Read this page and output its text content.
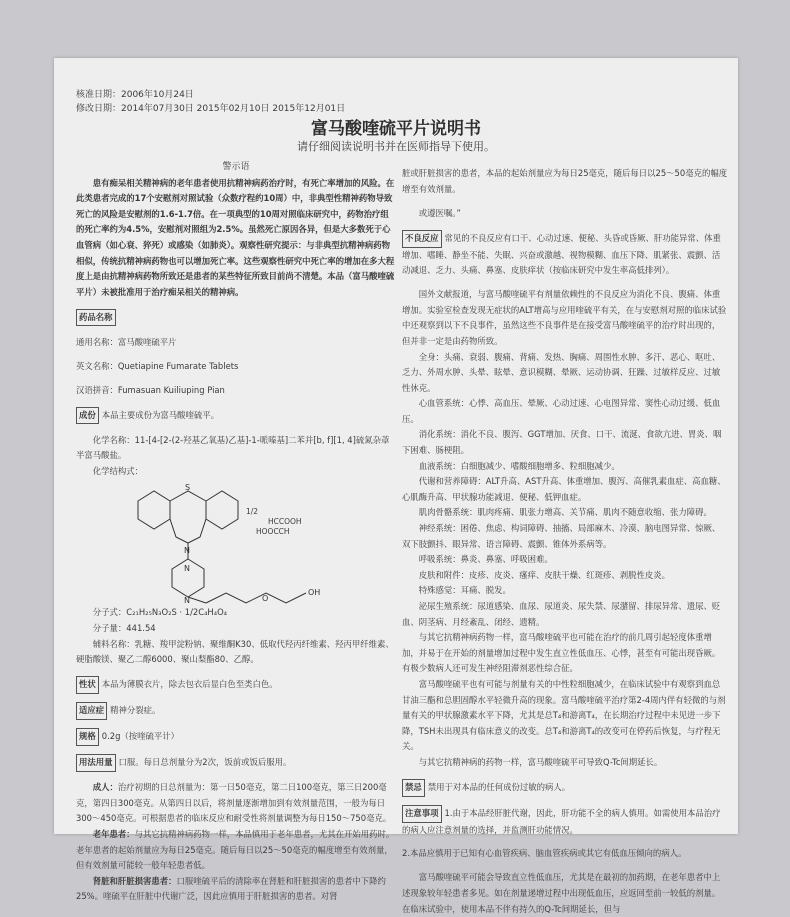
核准日期：2006年10月24日
修改日期：2014年07月30日 2015年02月10日 2015年12月01日
富马酸喹硫平片说明书
请仔细阅读说明书并在医师指导下使用。

警示语

患有痴呆相关精神病的老年患者使用抗精神病药治疗时，有死亡率增加的风险。在此类患者完成的17个安慰剂对照试验（众数疗程约10周）中，非典型性精神药物导致死亡的风险是安慰剂的1.6-1.7倍。在一项典型的10周对照临床研究中，药物治疗组的死亡率约为4.5%，安慰剂对照组为2.5%。虽然死亡原因各异，但是大多数死于心血管病（如心衰、猝死）或感染（如肺炎）。观察性研究提示：与非典型抗精神病药物相似，传统抗精神病药物也可以增加死亡率。这些观察性研究中死亡率的增加在多大程度上是由抗精神病药物所致还是患者的某些特征所致目前尚不清楚。本品（富马酸喹硫平片）未被批准用于治疗痴呆相关的精神病。

药品名称

通用名称：富马酸喹硫平片

英文名称：Quetiapine Fumarate Tablets

汉语拼音：Fumasuan Kuiliuping Pian

成份 本品主要成份为富马酸喹硫平。

化学名称：11-[4-[2-(2-羟基乙氧基)乙基]-1-哌嗪基]二苯并[b, f][1, 4]硫氮杂䓬半富马酸盐。

化学结构式：

S
N
N
N	O
OH
1/2
HCCOOH
HOOCCH

分子式：C₂₁H₂₅N₃O₂S · 1/2C₄H₄O₄

分子量：441.54

辅料名称：乳糖、羧甲淀粉钠、聚维酮K30、低取代羟丙纤维素、羟丙甲纤维素、硬脂酸镁、聚乙二醇6000、聚山梨酯80、乙醇。

性状 本品为薄膜衣片，除去包衣后显白色至类白色。

适应症 精神分裂症。

规格 0.2g（按喹硫平计）

用法用量 口服。每日总剂量分为2次，饭前或饭后服用。

成人：治疗初期的日总剂量为：第一日50毫克，第二日100毫克，第三日200毫克，第四日300毫克。从第四日以后，将剂量逐渐增加到有效剂量范围，一般为每日300～450毫克。可根据患者的临床反应和耐受性将剂量调整为每日150～750毫克。

老年患者：与其它抗精神病药物一样，本品慎用于老年患者，尤其在开始用药时。老年患者的起始剂量应为每日25毫克。随后每日以25～50毫克的幅度增至有效剂量，但有效剂量可能较一般年轻患者低。

肾脏和肝脏损害患者：口服喹硫平后的清除率在肾脏和肝脏损害的患者中下降约25%。喹硫平在肝脏中代谢广泛，因此应慎用于肝脏损害的患者。对肾

脏或肝脏损害的患者，本品的起始剂量应为每日25毫克，随后每日以25～50毫克的幅度增至有效剂量。

或遵医嘱。”

不良反应 常见的不良反应有口干、心动过速、便秘、头昏或昏厥、肝功能异常、体重增加、嗜睡、静坐不能、失眠、兴奋或激越、视物模糊、血压下降、肌紧张、震颤、活动减退、乏力、头痛、鼻塞、皮肤痒状（按临床研究中发生率高低排列）。

国外文献报道，与富马酸喹硫平有剂量依赖性的不良反应为消化不良、腹痛、体重增加。实验室检查发现无症状的ALT增高与应用喹硫平有关，在与安慰剂对照的临床试验中还观察到以下不良事件，虽然这些不良事件是在接受富马酸喹硫平的治疗时出现的，但并非一定是由药物所致。

全身：头痛、衰弱、腹痛、背痛、发热、胸痛、周围性水肿、多汗、恶心、呕吐、乏力、外周水肿、头晕、眩晕、意识模糊、晕厥、运动协调、狂躁、过敏样反应、过敏性休克。

心血管系统：心悸、高血压、晕厥、心动过速、心电图异常、窦性心动过缓、低血压。

消化系统：消化不良、腹泻、GGT增加、厌食、口干、流涎、食欲亢进、胃炎、咽下困难、肠梗阻。

血液系统：白细胞减少、嗜酸细胞增多、粒细胞减少。

代谢和营养障碍：ALT升高、AST升高、体重增加、腹泻、高催乳素血症、高血糖、心肌酶升高、甲状腺功能减退、便秘、低钾血症。

肌肉骨骼系统：肌肉疼痛、肌张力增高、关节痛、肌肉不随意收缩、张力障碍。

神经系统：困倦、焦虑、构词障碍、抽搐、局部麻木、冷漠、脑电图异常、惊厥、双下肢颤抖、眼异常、语言障碍、震颤、锥体外系病等。

呼吸系统：鼻炎、鼻塞、呼吸困难。

皮肤和附件：皮疹、皮炎、瘙痒、皮肤干燥、红斑疹、剥脱性皮炎。

特殊感觉：耳痛、脱发。

泌尿生殖系统：尿道感染、血尿、尿道炎、尿失禁、尿潴留、排尿异常、遗尿、贬血、阴茎病、月经紊乱、闭经、遗精。

与其它抗精神病药物一样，富马酸喹硫平也可能在治疗的前几周引起轻度体重增加，并易于在开始的剂量增加过程中发生直立性低血压、心悸，甚至有可能出现昏厥。有极少数病人还可发生神经阻滞剂恶性综合征。

富马酸喹硫平也有可能与剂量有关的中性粒细胞减少，在临床试验中有观察到血总甘油三酯和总胆固醇水平轻微升高的现象。富马酸喹硫平治疗第2-4周内伴有轻微的与剂量有关的甲状腺激素水平下降，尤其是总T₄和游离T₄，在长期治疗过程中未见进一步下降，TSH未出现具有临床意义的改变。总T₄和游离T₄的改变可在停药后恢复，与疗程无关。

与其它抗精神病的药物一样，富马酸喹硫平可导致Q-Tc间期延长。

禁忌 禁用于对本品的任何成份过敏的病人。

注意事项 1.由于本品经肝脏代谢，因此，肝功能不全的病人慎用。如需使用本品治疗的病人应注意剂量的选择，并监测肝功能情况。

2.本品应慎用于已知有心血管疾病、脑血管疾病或其它有低血压倾向的病人。

富马酸喹硫平可能会导致直立性低血压，尤其是在最初的加药期，在老年患者中上述现象较年轻患者多见。如在剂量递增过程中出现低血压，应返回至前一较低的剂量。在临床试验中，使用本品不伴有持久的Q-Tc间期延长，但与
